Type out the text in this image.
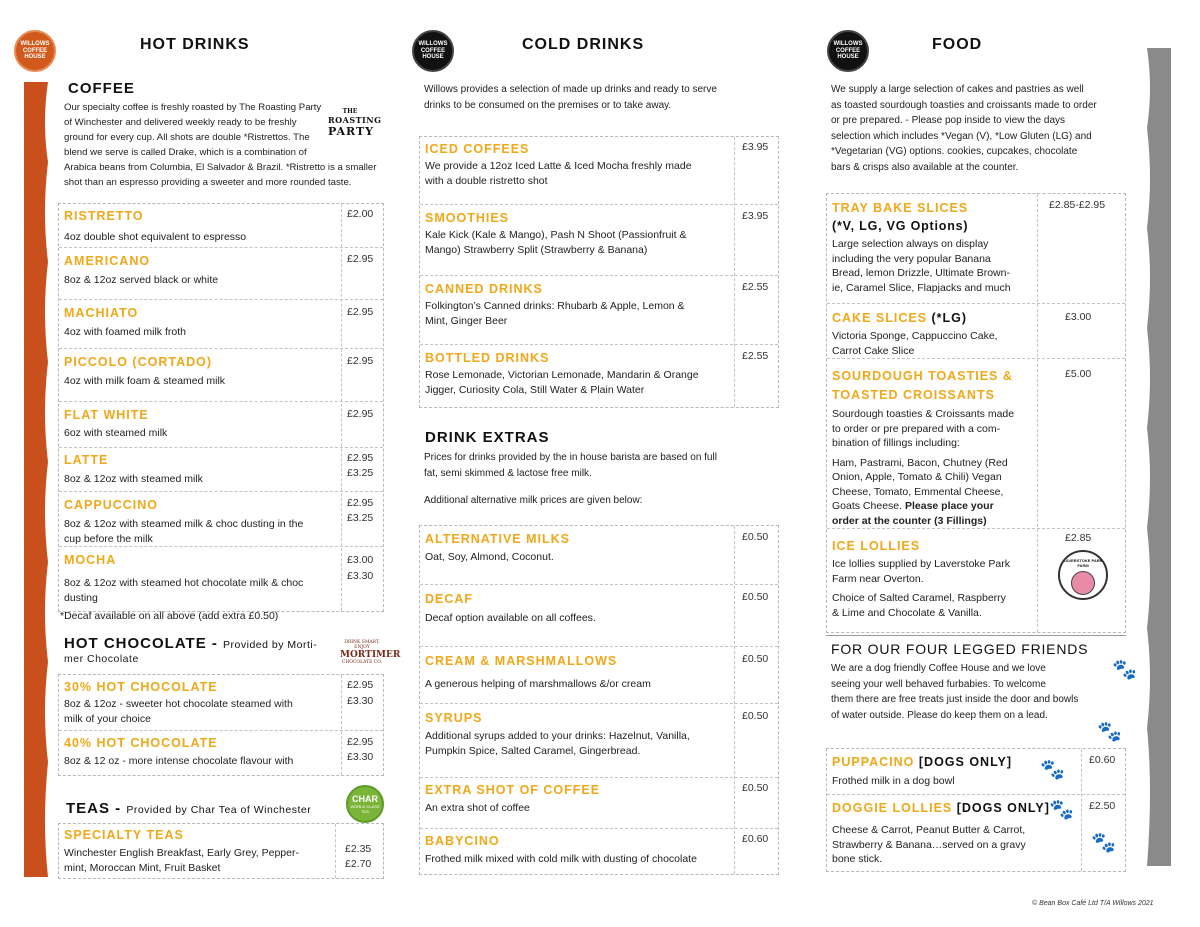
WILLOWS COFFEE HOUSE
HOT DRINKS
COFFEE
Our specialty coffee is freshly roasted by The Roasting Party
of Winchester and delivered weekly ready to be freshly
ground for every cup. All shots are double *Ristrettos. The
blend we serve is called Drake, which is a combination of
Arabica beans from Columbia, El Salvador & Brazil. *Ristretto is a smaller
shot than an espresso providing a sweeter and more rounded taste.
THE
ROASTING
PARTY
RISTRETTO
4oz double shot equivalent to espresso
£2.00
AMERICANO
8oz & 12oz served black or white
£2.95
MACHIATO
4oz with foamed milk froth
£2.95
PICCOLO (CORTADO)
4oz with milk foam & steamed milk
£2.95
FLAT WHITE
6oz with steamed milk
£2.95
LATTE
8oz & 12oz with steamed milk
£2.95
£3.25
CAPPUCCINO
8oz & 12oz with steamed milk & choc dusting in the
cup before the milk
£2.95
£3.25
MOCHA
8oz & 12oz with steamed hot chocolate milk & choc
dusting
£3.00
£3.30
*Decaf available on all above (add extra £0.50)
HOT CHOCOLATE - Provided by Morti-
mer Chocolate
DRINK SMART, ENJOY
MORTIMER
CHOCOLATE CO.
30% HOT CHOCOLATE
8oz & 12oz - sweeter hot chocolate steamed with
milk of your choice
£2.95
£3.30
40% HOT CHOCOLATE
8oz & 12 oz - more intense chocolate flavour with
£2.95
£3.30
TEAS - Provided by Char Tea of Winchester
CHAR
WORLD CLASS TEA
SPECIALTY TEAS
Winchester English Breakfast, Early Grey, Pepper-
mint, Moroccan Mint, Fruit Basket
£2.35
£2.70
WILLOWS COFFEE HOUSE
COLD DRINKS
Willows provides a selection of made up drinks and ready to serve
drinks to be consumed on the premises or to take away.
ICED COFFEES
We provide a 12oz Iced Latte & Iced Mocha freshly made
with a double ristretto shot
£3.95
SMOOTHIES
Kale Kick (Kale & Mango), Pash N Shoot (Passionfruit &
Mango) Strawberry Split (Strawberry & Banana)
£3.95
CANNED DRINKS
Folkington’s Canned drinks: Rhubarb & Apple, Lemon &
Mint, Ginger Beer
£2.55
BOTTLED DRINKS
Rose Lemonade, Victorian Lemonade, Mandarin & Orange
Jigger, Curiosity Cola, Still Water & Plain Water
£2.55
DRINK EXTRAS
Prices for drinks provided by the in house barista are based on full
fat, semi skimmed & lactose free milk.
Additional alternative milk prices are given below:
ALTERNATIVE MILKS
Oat, Soy, Almond, Coconut.
£0.50
DECAF
Decaf option available on all coffees.
£0.50
CREAM & MARSHMALLOWS
A generous helping of marshmallows &/or cream
£0.50
SYRUPS
Additional syrups added to your drinks: Hazelnut, Vanilla,
Pumpkin Spice, Salted Caramel, Gingerbread.
£0.50
EXTRA SHOT OF COFFEE
An extra shot of coffee
£0.50
BABYCINO
Frothed milk mixed with cold milk with dusting of chocolate
£0.60
WILLOWS COFFEE HOUSE
FOOD
We supply a large selection of cakes and pastries as well
as toasted sourdough toasties and croissants made to order
or pre prepared. - Please pop inside to view the days
selection which includes *Vegan (V), *Low Gluten (LG) and
*Vegetarian (VG) options. cookies, cupcakes, chocolate
bars & crisps also available at the counter.
TRAY BAKE SLICES
(*V, LG, VG Options)
Large selection always on display
including the very popular Banana
Bread, lemon Drizzle, Ultimate Brown-
ie, Caramel Slice, Flapjacks and much
£2.85-£2.95
CAKE SLICES (*LG)
Victoria Sponge, Cappuccino Cake,
Carrot Cake Slice
£3.00
SOURDOUGH TOASTIES &
TOASTED CROISSANTS
Sourdough toasties & Croissants made
to order or pre prepared with a com-
bination of fillings including:
Ham, Pastrami, Bacon, Chutney (Red
Onion, Apple, Tomato & Chili) Vegan
Cheese, Tomato, Emmental Cheese,
Goats Cheese. Please place your
order at the counter (3 Fillings)
£5.00
ICE LOLLIES
Ice lollies supplied by Laverstoke Park
Farm near Overton.
Choice of Salted Caramel, Raspberry
& Lime and Chocolate & Vanilla.
£2.85
LAVERSTOKE PARK FARM
FOR OUR FOUR LEGGED FRIENDS
We are a dog friendly Coffee House and we love
seeing your well behaved furbabies. To welcome
them there are free treats just inside the door and bowls
of water outside. Please do keep them on a lead.
🐾
🐾
PUPPACINO [DOGS ONLY]
Frothed milk in a dog bowl	🐾 £0.60
DOGGIE LOLLIES [DOGS ONLY]
Cheese & Carrot, Peanut Butter & Carrot,
Strawberry & Banana…served on a gravy
bone stick.
🐾
🐾
£2.50
© Bean Box Café Ltd T/A Willows 2021
